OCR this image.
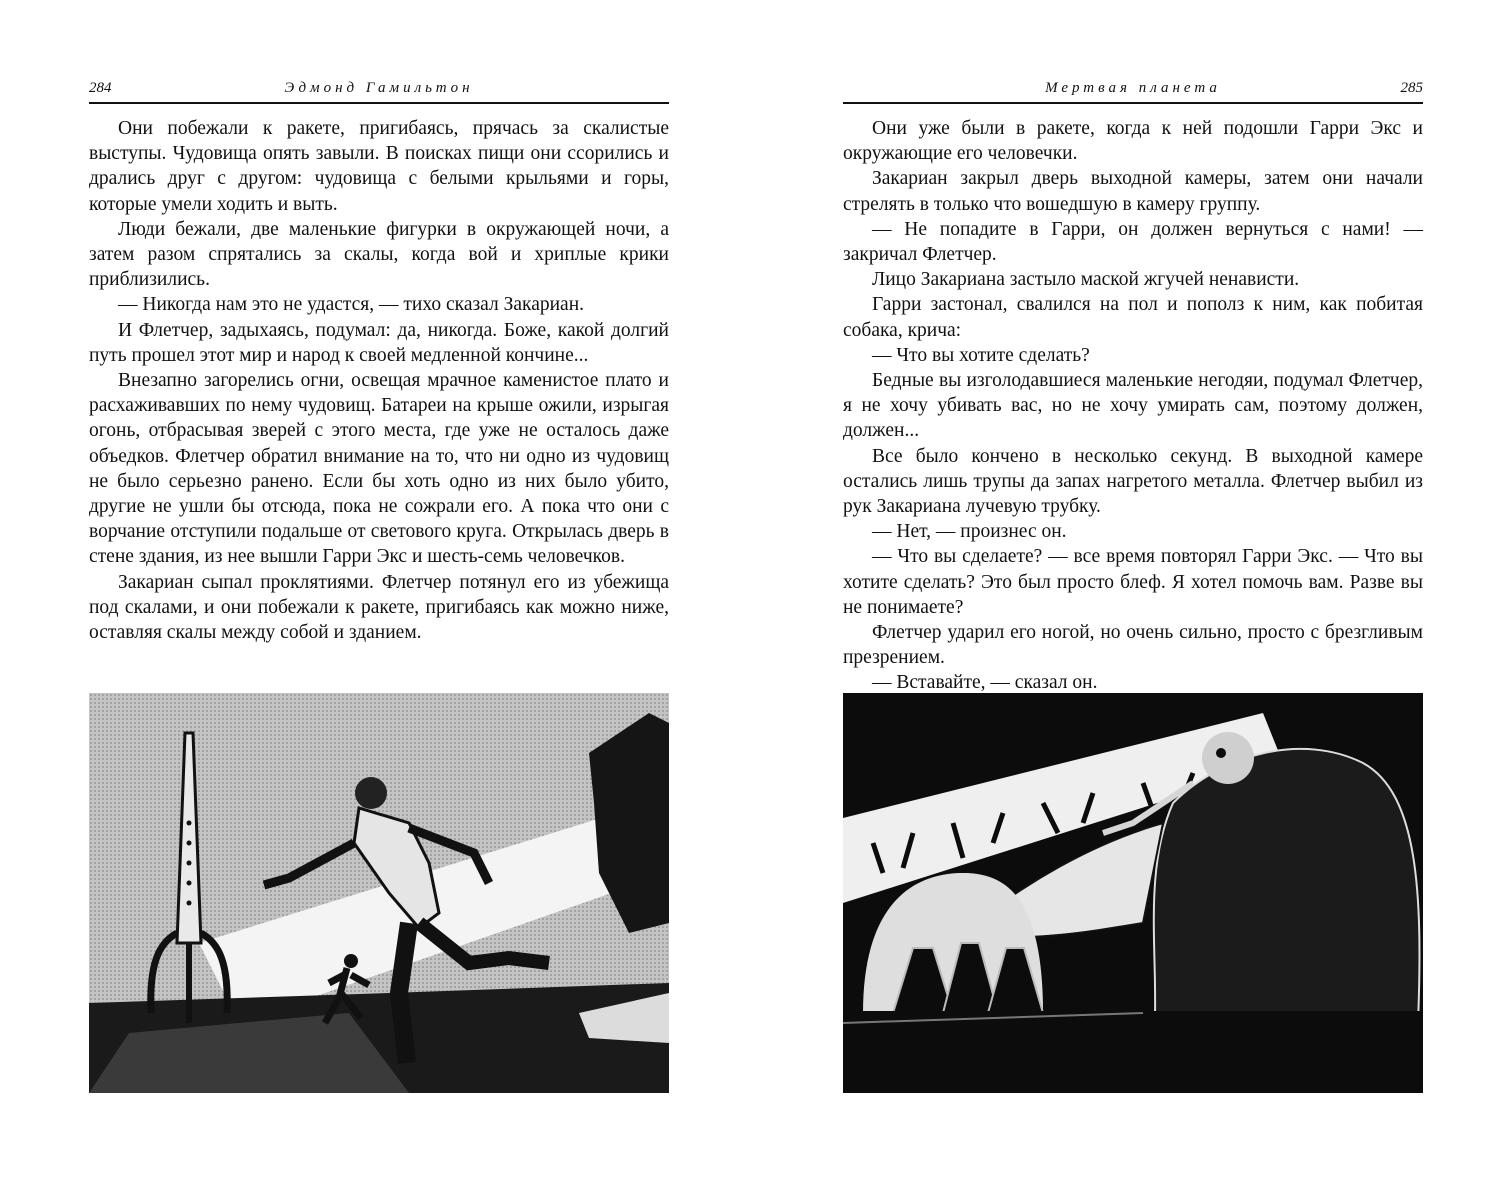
284	Эдмонд Гамильтон

Они побежали к ракете, пригибаясь, прячась за скалистые выступы. Чудовища опять завыли. В поисках пищи они ссорились и дрались друг с другом: чудовища с белыми крыльями и горы, которые умели ходить и выть.

Люди бежали, две маленькие фигурки в окружающей ночи, а затем разом спрятались за скалы, когда вой и хриплые крики приблизились.

— Никогда нам это не удастся, — тихо сказал Закариан.

И Флетчер, задыхаясь, подумал: да, никогда. Боже, какой долгий путь прошел этот мир и народ к своей медленной кончине...

Внезапно загорелись огни, освещая мрачное каменистое плато и расхаживавших по нему чудовищ. Батареи на крыше ожили, изрыгая огонь, отбрасывая зверей с этого места, где уже не осталось даже объедков. Флетчер обратил внимание на то, что ни одно из чудовищ не было серьезно ранено. Если бы хоть одно из них было убито, другие не ушли бы отсюда, пока не сожрали его. А пока что они с ворчание отступили подальше от светового круга. Открылась дверь в стене здания, из нее вышли Гарри Экс и шесть-семь человечков.

Закариан сыпал проклятиями. Флетчер потянул его из убежища под скалами, и они побежали к ракете, пригибаясь как можно ниже, оставляя скалы между собой и зданием.

Мертвая планета	285

Они уже были в ракете, когда к ней подошли Гарри Экс и окружающие его человечки.

Закариан закрыл дверь выходной камеры, затем они начали стрелять в только что вошедшую в камеру группу.

— Не попадите в Гарри, он должен вернуться с нами! — закричал Флетчер.

Лицо Закариана застыло маской жгучей ненависти.

Гарри застонал, свалился на пол и пополз к ним, как побитая собака, крича:

— Что вы хотите сделать?

Бедные вы изголодавшиеся маленькие негодяи, подумал Флетчер, я не хочу убивать вас, но не хочу умирать сам, поэтому должен, должен...

Все было кончено в несколько секунд. В выходной камере остались лишь трупы да запах нагретого металла. Флетчер выбил из рук Закариана лучевую трубку.

— Нет, — произнес он.

— Что вы сделаете? — все время повторял Гарри Экс. — Что вы хотите сделать? Это был просто блеф. Я хотел помочь вам. Разве вы не понимаете?

Флетчер ударил его ногой, но очень сильно, просто с брезгливым презрением.

— Вставайте, — сказал он.
